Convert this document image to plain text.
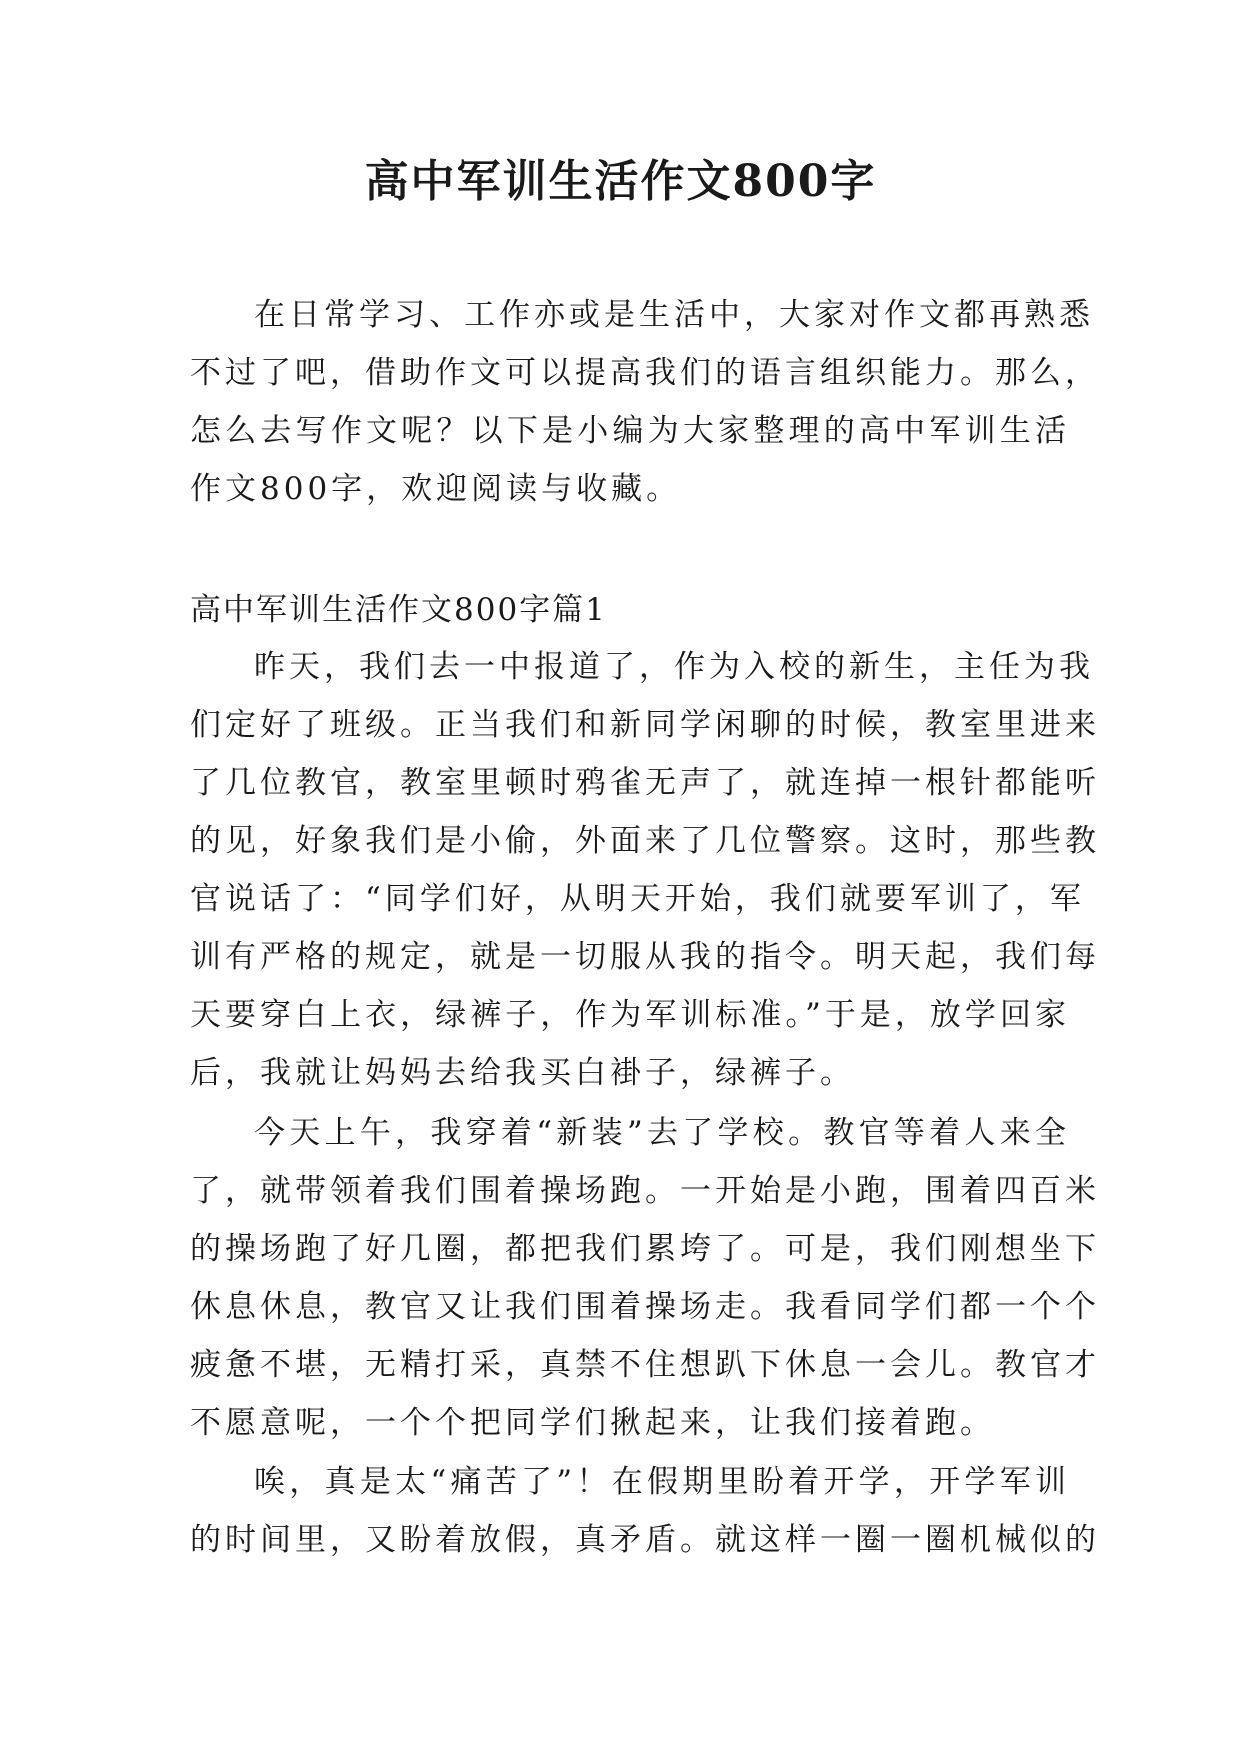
高中军训生活作文800字
在日常学习、工作亦或是生活中，大家对作文都再熟悉
不过了吧，借助作文可以提高我们的语言组织能力。那么，
怎么去写作文呢？以下是小编为大家整理的高中军训生活
作文800字，欢迎阅读与收藏。
高中军训生活作文800字篇1
昨天，我们去一中报道了，作为入校的新生，主任为我
们定好了班级。正当我们和新同学闲聊的时候，教室里进来
了几位教官，教室里顿时鸦雀无声了，就连掉一根针都能听
的见，好象我们是小偷，外面来了几位警察。这时，那些教
官说话了：“同学们好，从明天开始，我们就要军训了，军
训有严格的规定，就是一切服从我的指令。明天起，我们每
天要穿白上衣，绿裤子，作为军训标准。”于是，放学回家
后，我就让妈妈去给我买白褂子，绿裤子。
今天上午，我穿着“新装”去了学校。教官等着人来全
了，就带领着我们围着操场跑。一开始是小跑，围着四百米
的操场跑了好几圈，都把我们累垮了。可是，我们刚想坐下
休息休息，教官又让我们围着操场走。我看同学们都一个个
疲惫不堪，无精打采，真禁不住想趴下休息一会儿。教官才
不愿意呢，一个个把同学们揪起来，让我们接着跑。
唉，真是太“痛苦了”！在假期里盼着开学，开学军训
的时间里，又盼着放假，真矛盾。就这样一圈一圈机械似的
